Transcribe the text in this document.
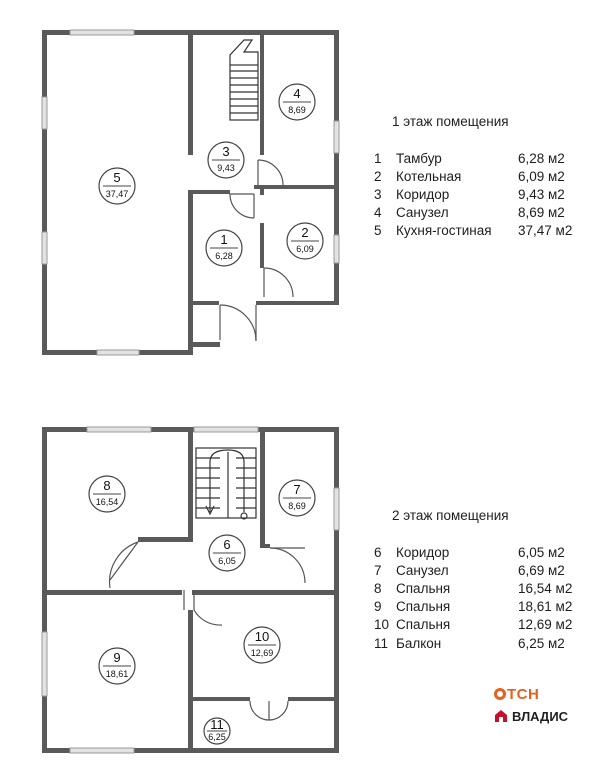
1
6,28
2
6,09
3
9,43
4
8,69
5
37,47
6
6,05
7
8,69
8
16,54
9
18,61
10
12,69
11
6,25
1 этаж помещения
1	Тамбур	6,28 м2
2	Котельная	6,09 м2
3	Коридор	9,43 м2
4	Санузел	8,69 м2
5	Кухня-гостиная	37,47 м2
2 этаж помещения
6	Коридор	6,05 м2
7	Санузел	6,69 м2
8	Спальня	16,54 м2
9	Спальня	18,61 м2
10	Спальня	12,69 м2
11	Балкон	6,25 м2
ТСН
ВЛАДИС
